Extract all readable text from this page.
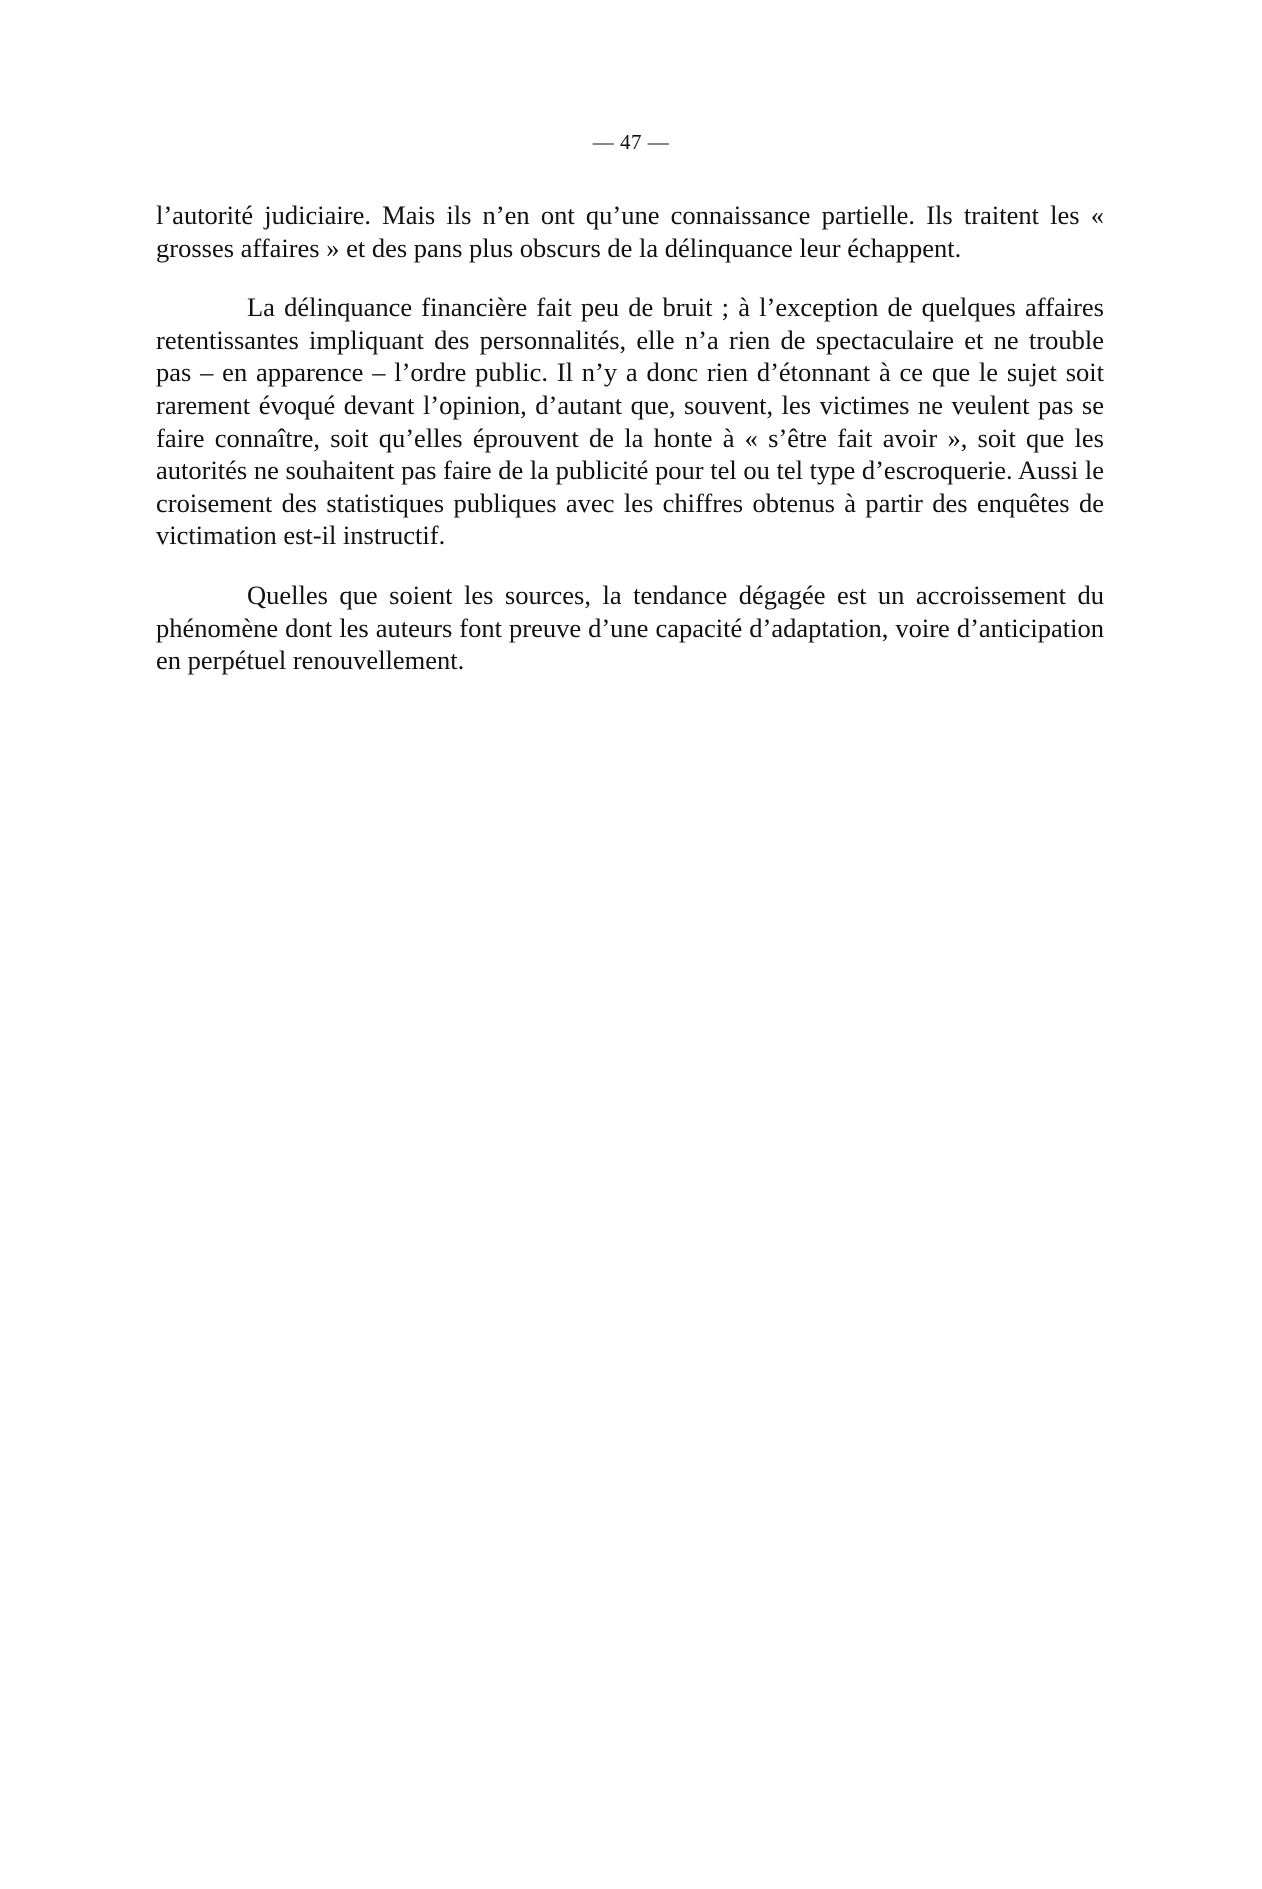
— 47 —

l’autorité judiciaire. Mais ils n’en ont qu’une connaissance partielle. Ils traitent les « grosses affaires » et des pans plus obscurs de la délinquance leur échappent.

La délinquance financière fait peu de bruit ; à l’exception de quelques affaires retentissantes impliquant des personnalités, elle n’a rien de spectaculaire et ne trouble pas – en apparence – l’ordre public. Il n’y a donc rien d’étonnant à ce que le sujet soit rarement évoqué devant l’opinion, d’autant que, souvent, les victimes ne veulent pas se faire connaître, soit qu’elles éprouvent de la honte à « s’être fait avoir », soit que les autorités ne souhaitent pas faire de la publicité pour tel ou tel type d’escroquerie. Aussi le croisement des statistiques publiques avec les chiffres obtenus à partir des enquêtes de victimation est-il instructif.

Quelles que soient les sources, la tendance dégagée est un accroissement du phénomène dont les auteurs font preuve d’une capacité d’adaptation, voire d’anticipation en perpétuel renouvellement.
